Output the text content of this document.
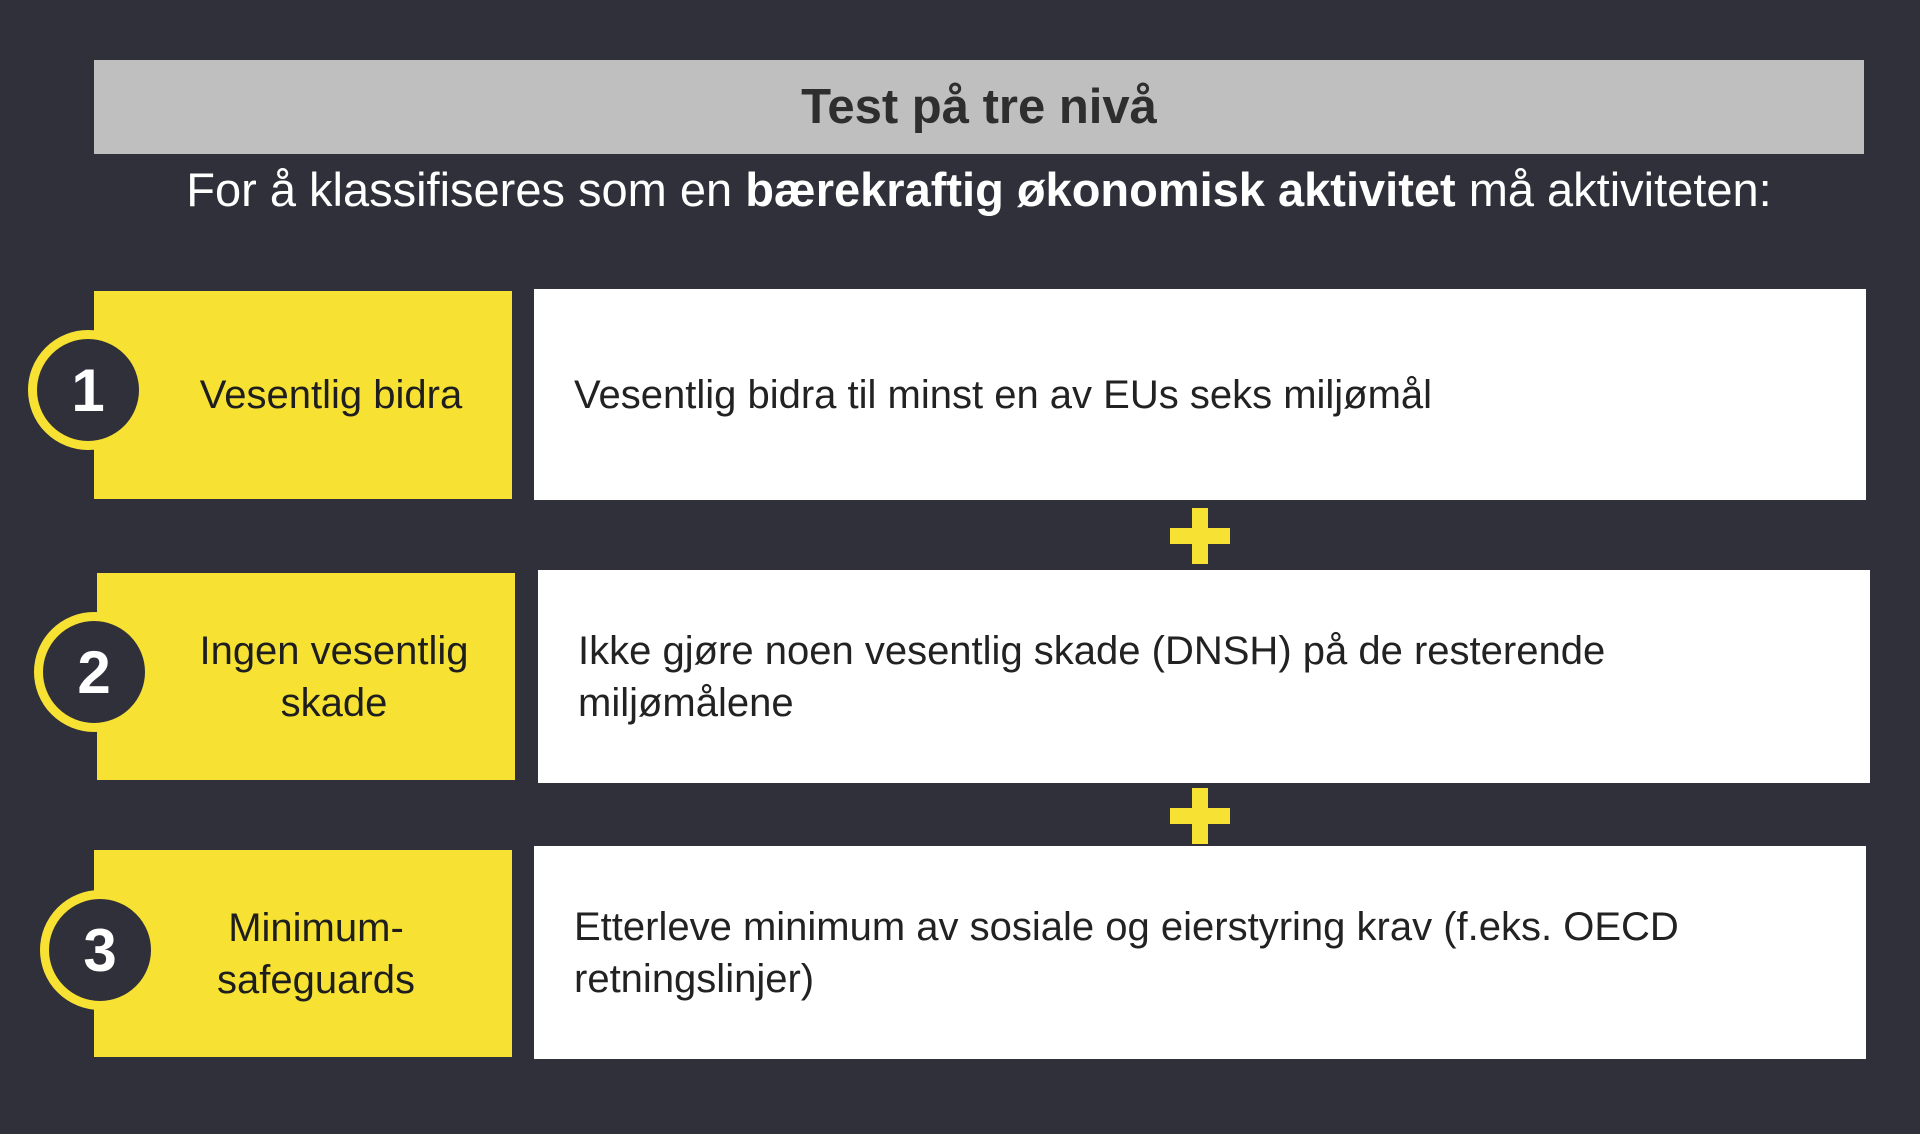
Test på tre nivå
For å klassifiseres som en bærekraftig økonomisk aktivitet må aktiviteten:
Vesentlig bidra	Vesentlig bidra til minst en av EUs seks miljømål
1
Ingen vesentlig skade
Ikke gjøre noen vesentlig skade (DNSH) på de resterende miljømålene
2
Minimum-safeguards
Etterleve minimum av sosiale og eierstyring krav (f.eks. OECD retningslinjer)
3
